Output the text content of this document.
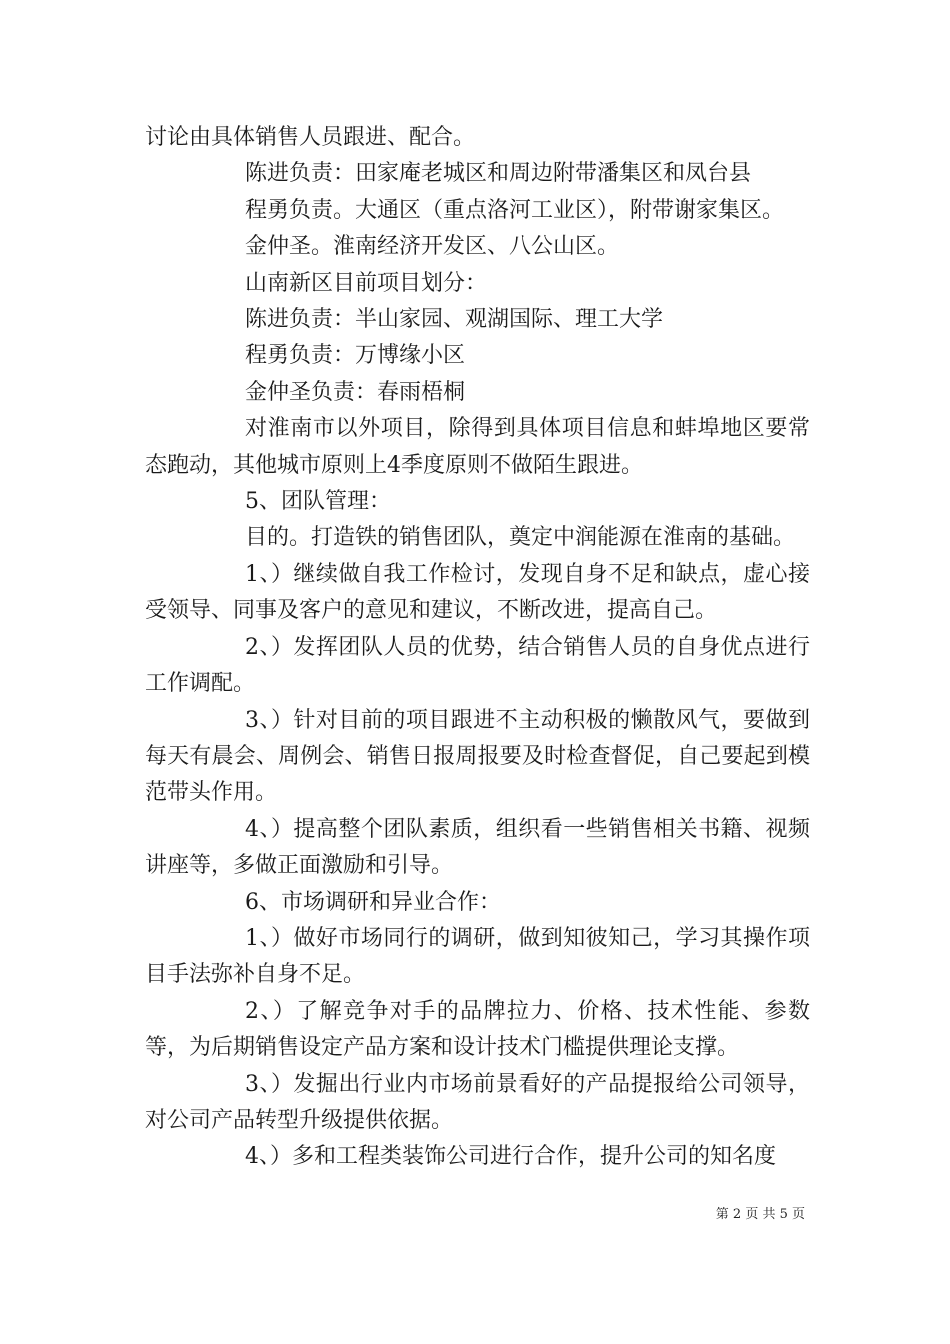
讨论由具体销售人员跟进、配合。

陈进负责：田家庵老城区和周边附带潘集区和凤台县

程勇负责。大通区（重点洛河工业区），附带谢家集区。

金仲圣。淮南经济开发区、八公山区。

山南新区目前项目划分：

陈进负责：半山家园、观湖国际、理工大学

程勇负责：万博缘小区

金仲圣负责：春雨梧桐

对淮南市以外项目，除得到具体项目信息和蚌埠地区要常态跑动，其他城市原则上4季度原则不做陌生跟进。

5、团队管理：

目的。打造铁的销售团队，奠定中润能源在淮南的基础。

1、）继续做自我工作检讨，发现自身不足和缺点，虚心接受领导、同事及客户的意见和建议，不断改进，提高自己。

2、）发挥团队人员的优势，结合销售人员的自身优点进行工作调配。

3、）针对目前的项目跟进不主动积极的懒散风气，要做到每天有晨会、周例会、销售日报周报要及时检查督促，自己要起到模范带头作用。

4、）提高整个团队素质，组织看一些销售相关书籍、视频讲座等，多做正面激励和引导。

6、市场调研和异业合作：

1、）做好市场同行的调研，做到知彼知己，学习其操作项目手法弥补自身不足。

2、）了解竞争对手的品牌拉力、价格、技术性能、参数等，为后期销售设定产品方案和设计技术门槛提供理论支撑。

3、）发掘出行业内市场前景看好的产品提报给公司领导，对公司产品转型升级提供依据。

4、）多和工程类装饰公司进行合作，提升公司的知名度

第 2 页 共 5 页
